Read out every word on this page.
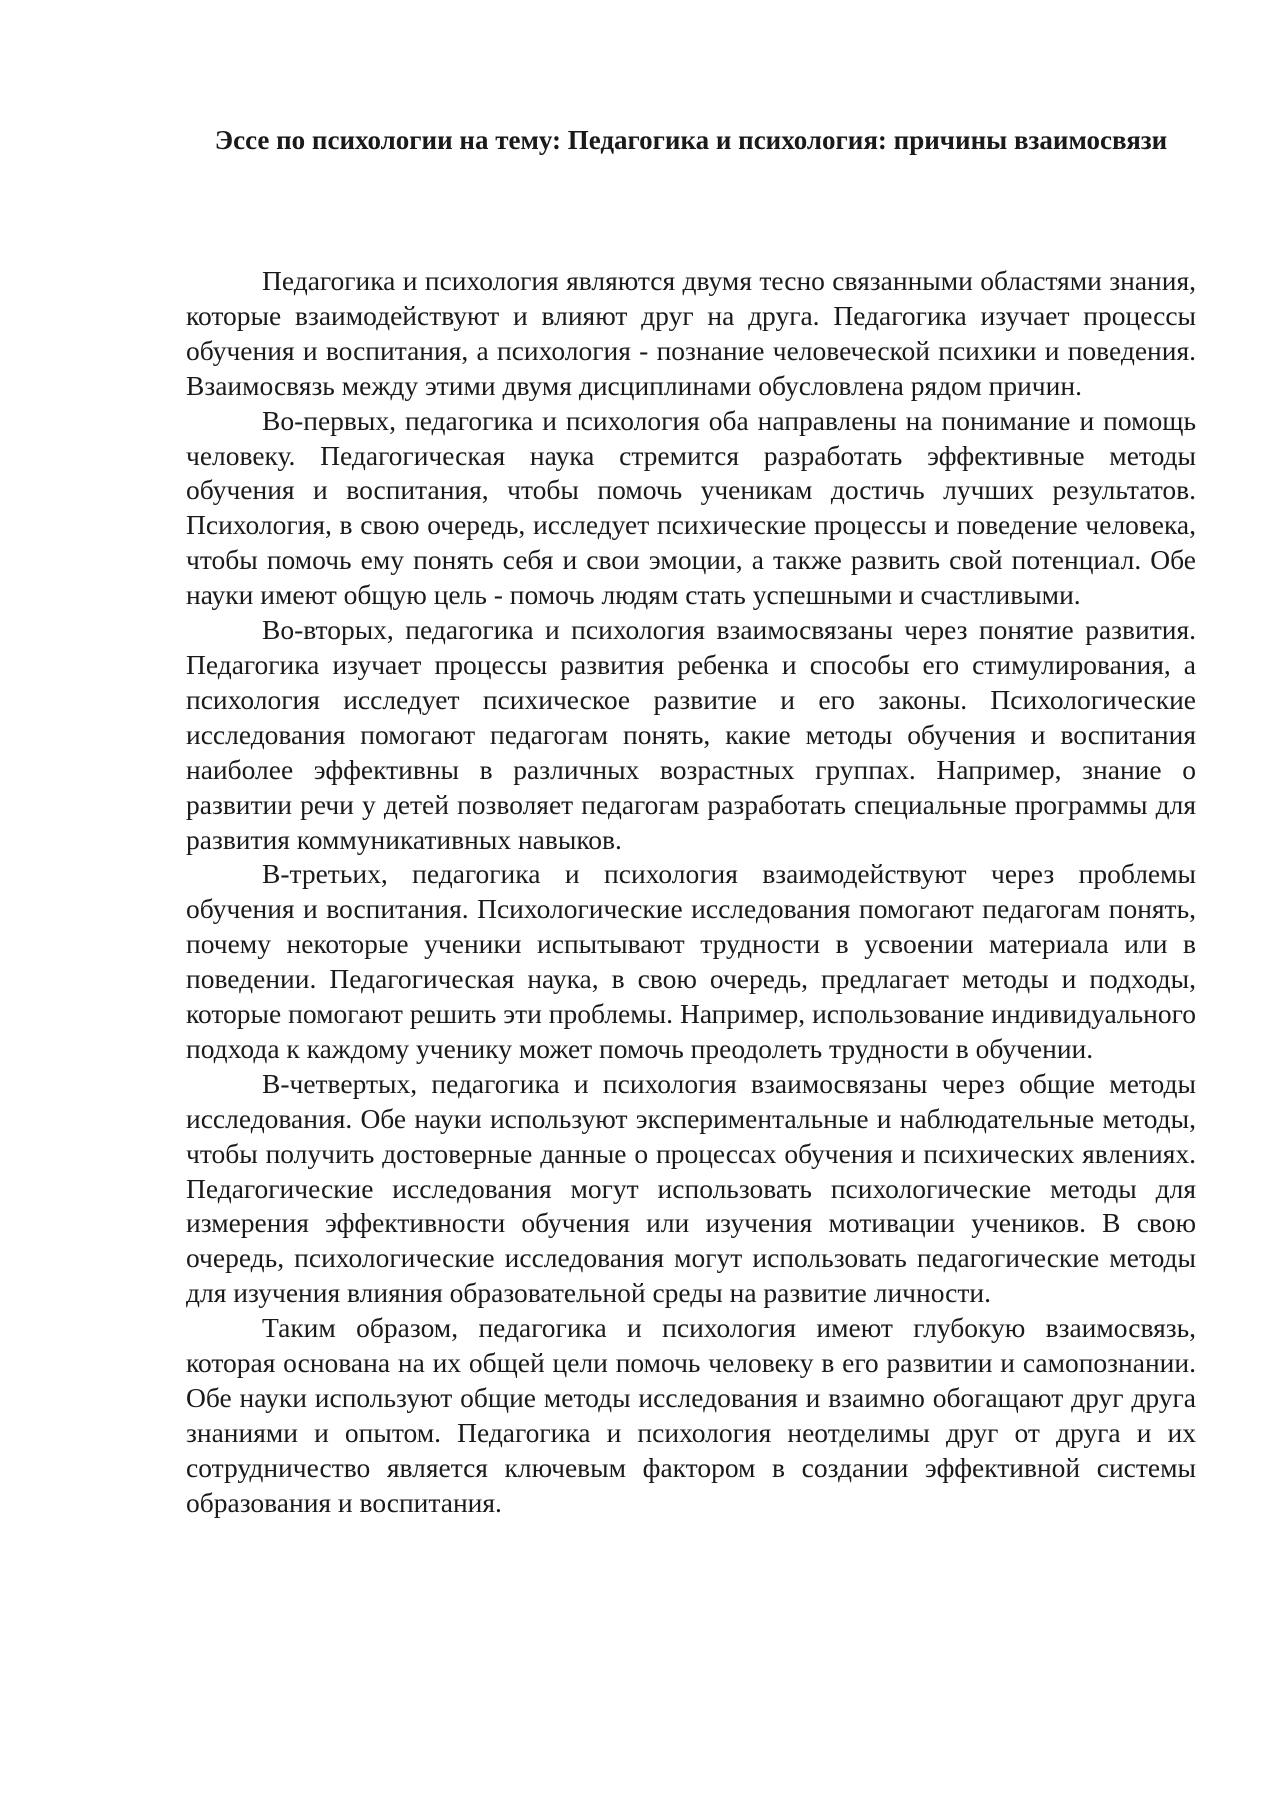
Эссе по психологии на тему: Педагогика и психология: причины взаимосвязи

Педагогика и психология являются двумя тесно связанными областями знания, которые взаимодействуют и влияют друг на друга. Педагогика изучает процессы обучения и воспитания, а психология - познание человеческой психики и поведения. Взаимосвязь между этими двумя дисциплинами обусловлена рядом причин.

Во-первых, педагогика и психология оба направлены на понимание и помощь человеку. Педагогическая наука стремится разработать эффективные методы обучения и воспитания, чтобы помочь ученикам достичь лучших результатов. Психология, в свою очередь, исследует психические процессы и поведение человека, чтобы помочь ему понять себя и свои эмоции, а также развить свой потенциал. Обе науки имеют общую цель - помочь людям стать успешными и счастливыми.

Во-вторых, педагогика и психология взаимосвязаны через понятие развития. Педагогика изучает процессы развития ребенка и способы его стимулирования, а психология исследует психическое развитие и его законы. Психологические исследования помогают педагогам понять, какие методы обучения и воспитания наиболее эффективны в различных возрастных группах. Например, знание о развитии речи у детей позволяет педагогам разработать специальные программы для развития коммуникативных навыков.

В-третьих, педагогика и психология взаимодействуют через проблемы обучения и воспитания. Психологические исследования помогают педагогам понять, почему некоторые ученики испытывают трудности в усвоении материала или в поведении. Педагогическая наука, в свою очередь, предлагает методы и подходы, которые помогают решить эти проблемы. Например, использование индивидуального подхода к каждому ученику может помочь преодолеть трудности в обучении.

В-четвертых, педагогика и психология взаимосвязаны через общие методы исследования. Обе науки используют экспериментальные и наблюдательные методы, чтобы получить достоверные данные о процессах обучения и психических явлениях. Педагогические исследования могут использовать психологические методы для измерения эффективности обучения или изучения мотивации учеников. В свою очередь, психологические исследования могут использовать педагогические методы для изучения влияния образовательной среды на развитие личности.

Таким образом, педагогика и психология имеют глубокую взаимосвязь, которая основана на их общей цели помочь человеку в его развитии и самопознании. Обе науки используют общие методы исследования и взаимно обогащают друг друга знаниями и опытом. Педагогика и психология неотделимы друг от друга и их сотрудничество является ключевым фактором в создании эффективной системы образования и воспитания.
